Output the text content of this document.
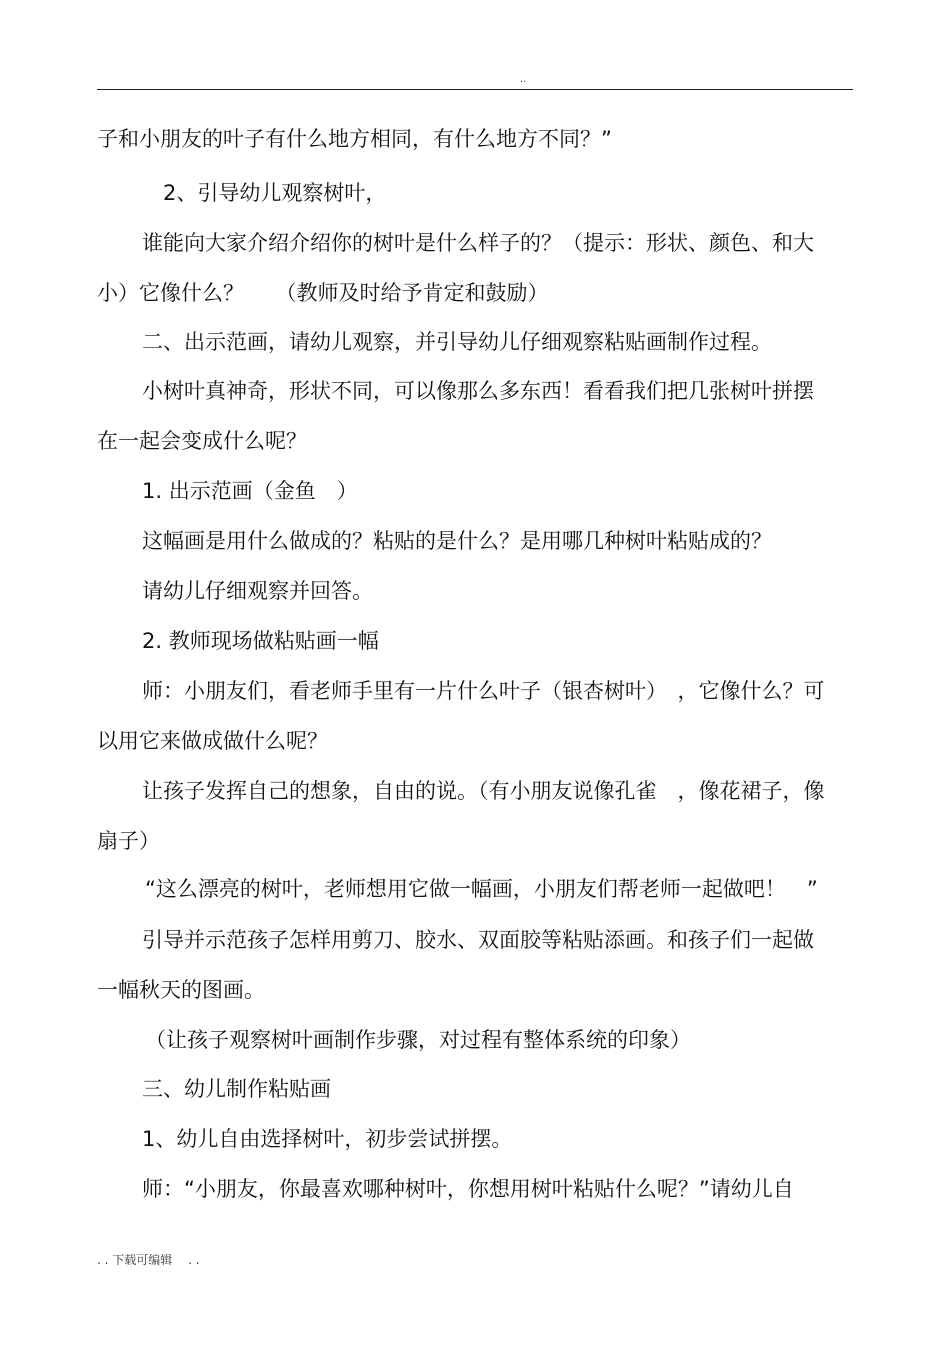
..
子和小朋友的叶子有什么地方相同，有什么地方不同？”
2、引导幼儿观察树叶，
谁能向大家介绍介绍你的树叶是什么样子的？（提示：形状、颜色、和大
小）它像什么？　　（教师及时给予肯定和鼓励）
二、出示范画，请幼儿观察，并引导幼儿仔细观察粘贴画制作过程。
小树叶真神奇，形状不同，可以像那么多东西！看看我们把几张树叶拼摆
在一起会变成什么呢？
1. 出示范画（金鱼　）
这幅画是用什么做成的？粘贴的是什么？是用哪几种树叶粘贴成的？
请幼儿仔细观察并回答。
2. 教师现场做粘贴画一幅
师：小朋友们，看老师手里有一片什么叶子（银杏树叶）　，它像什么？可
以用它来做成做什么呢？
让孩子发挥自己的想象，自由的说。（有小朋友说像孔雀　，像花裙子，像
扇子）
“这么漂亮的树叶，老师想用它做一幅画，小朋友们帮老师一起做吧！　”
引导并示范孩子怎样用剪刀、胶水、双面胶等粘贴添画。和孩子们一起做
一幅秋天的图画。
（让孩子观察树叶画制作步骤，对过程有整体系统的印象）
三、幼儿制作粘贴画
1、幼儿自由选择树叶，初步尝试拼摆。
师：“小朋友，你最喜欢哪种树叶，你想用树叶粘贴什么呢？”请幼儿自
. . 下载可编辑　 . .
